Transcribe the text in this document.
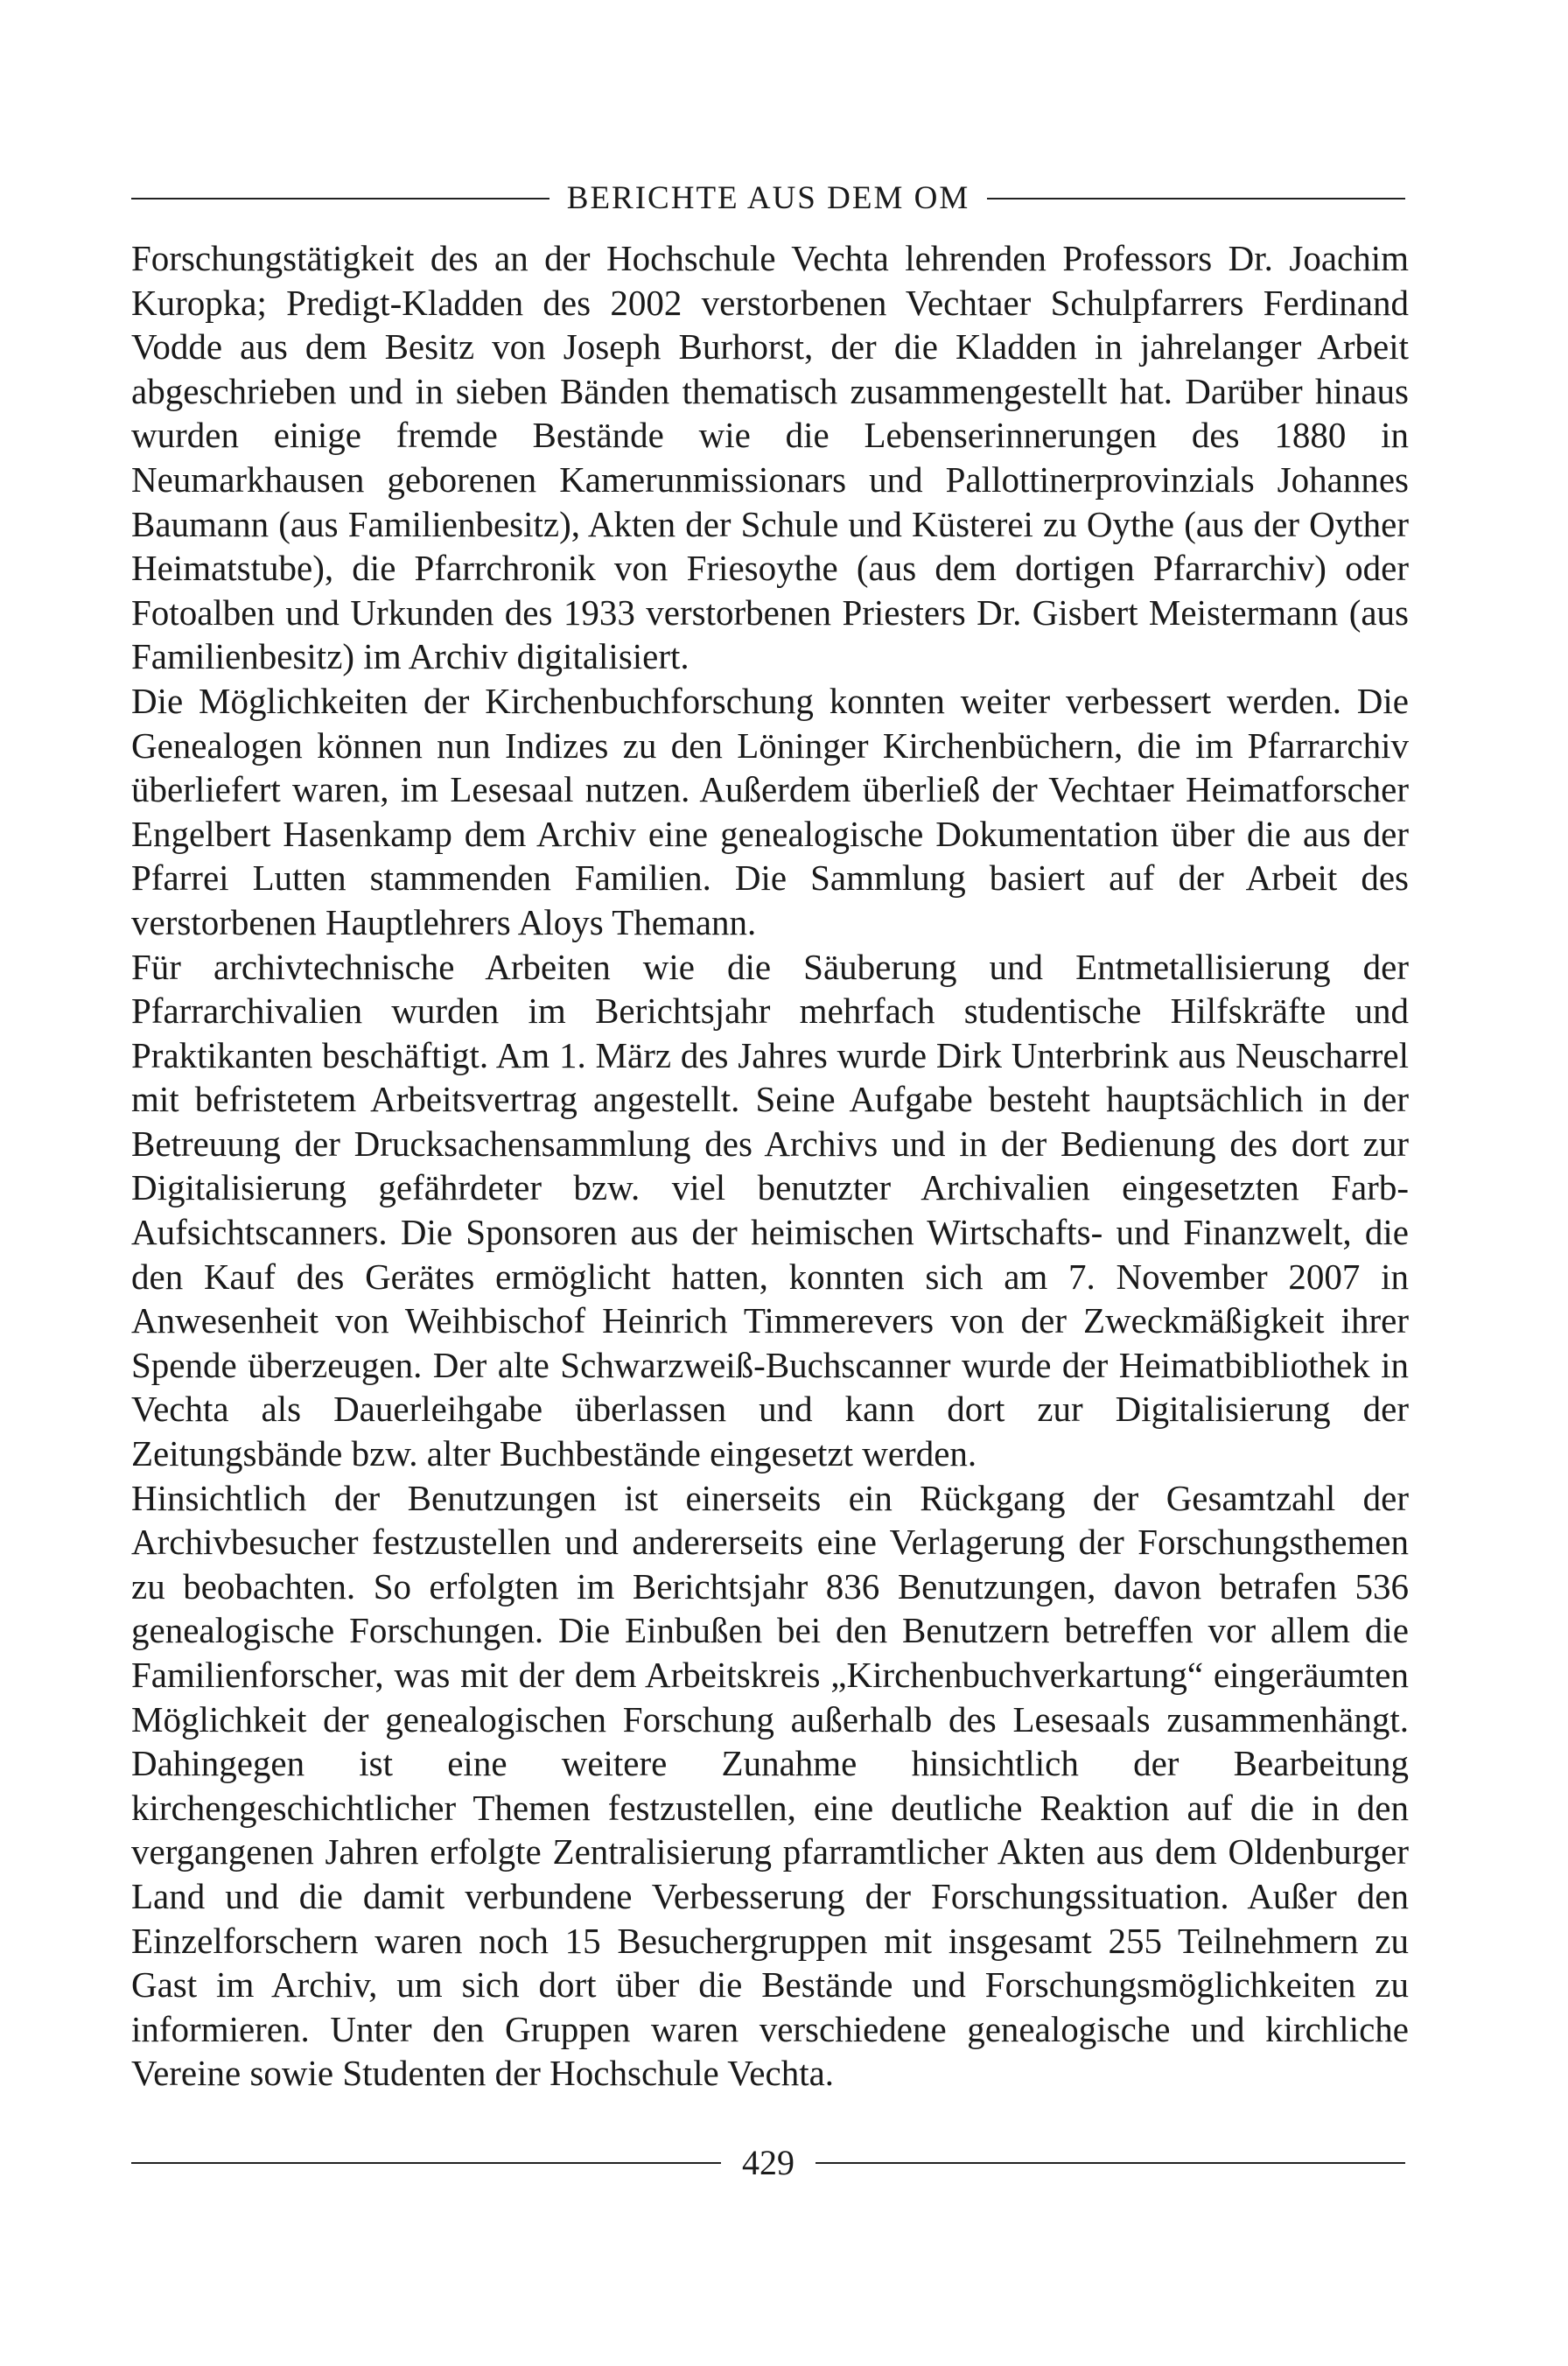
BERICHTE AUS DEM OM

Forschungstätigkeit des an der Hochschule Vechta lehrenden Professors Dr. Joachim Kuropka; Predigt-Kladden des 2002 verstorbenen Vechtaer Schulpfarrers Ferdinand Vodde aus dem Besitz von Joseph Burhorst, der die Kladden in jahrelanger Arbeit abgeschrieben und in sieben Bänden thematisch zusammengestellt hat. Darüber hinaus wurden einige fremde Bestände wie die Lebenserinnerungen des 1880 in Neumarkhausen geborenen Kamerunmissionars und Pallottinerprovinzials Johannes Baumann (aus Familienbesitz), Akten der Schule und Küsterei zu Oythe (aus der Oyther Heimatstube), die Pfarrchronik von Friesoythe (aus dem dortigen Pfarrarchiv) oder Fotoalben und Urkunden des 1933 verstorbenen Priesters Dr. Gisbert Meistermann (aus Familienbesitz) im Archiv digitalisiert.

Die Möglichkeiten der Kirchenbuchforschung konnten weiter verbessert werden. Die Genealogen können nun Indizes zu den Löninger Kirchenbüchern, die im Pfarrarchiv überliefert waren, im Lesesaal nutzen. Außerdem überließ der Vechtaer Heimatforscher Engelbert Hasenkamp dem Archiv eine genealogische Dokumentation über die aus der Pfarrei Lutten stammenden Familien. Die Sammlung basiert auf der Arbeit des verstorbenen Hauptlehrers Aloys Themann.

Für archivtechnische Arbeiten wie die Säuberung und Entmetallisierung der Pfarrarchivalien wurden im Berichtsjahr mehrfach studentische Hilfskräfte und Praktikanten beschäftigt. Am 1. März des Jahres wurde Dirk Unterbrink aus Neuscharrel mit befristetem Arbeitsvertrag angestellt. Seine Aufgabe besteht hauptsächlich in der Betreuung der Drucksachensammlung des Archivs und in der Bedienung des dort zur Digitalisierung gefährdeter bzw. viel benutzter Archivalien eingesetzten Farb-Aufsichtscanners. Die Sponsoren aus der heimischen Wirtschafts- und Finanzwelt, die den Kauf des Gerätes ermöglicht hatten, konnten sich am 7. November 2007 in Anwesenheit von Weihbischof Heinrich Timmerevers von der Zweckmäßigkeit ihrer Spende überzeugen. Der alte Schwarzweiß-Buchscanner wurde der Heimatbibliothek in Vechta als Dauerleihgabe überlassen und kann dort zur Digitalisierung der Zeitungsbände bzw. alter Buchbestände eingesetzt werden.

Hinsichtlich der Benutzungen ist einerseits ein Rückgang der Gesamtzahl der Archivbesucher festzustellen und andererseits eine Verlagerung der Forschungsthemen zu beobachten. So erfolgten im Berichtsjahr 836 Benutzungen, davon betrafen 536 genealogische Forschungen. Die Einbußen bei den Benutzern betreffen vor allem die Familienforscher, was mit der dem Arbeitskreis „Kirchenbuchverkartung“ eingeräumten Möglichkeit der genealogischen Forschung außerhalb des Lesesaals zusammenhängt. Dahingegen ist eine weitere Zunahme hinsichtlich der Bearbeitung kirchengeschichtlicher Themen festzustellen, eine deutliche Reaktion auf die in den vergangenen Jahren erfolgte Zentralisierung pfarramtlicher Akten aus dem Oldenburger Land und die damit verbundene Verbesserung der Forschungssituation. Außer den Einzelforschern waren noch 15 Besuchergruppen mit insgesamt 255 Teilnehmern zu Gast im Archiv, um sich dort über die Bestände und Forschungsmöglichkeiten zu informieren. Unter den Gruppen waren verschiedene genealogische und kirchliche Vereine sowie Studenten der Hochschule Vechta.

429
